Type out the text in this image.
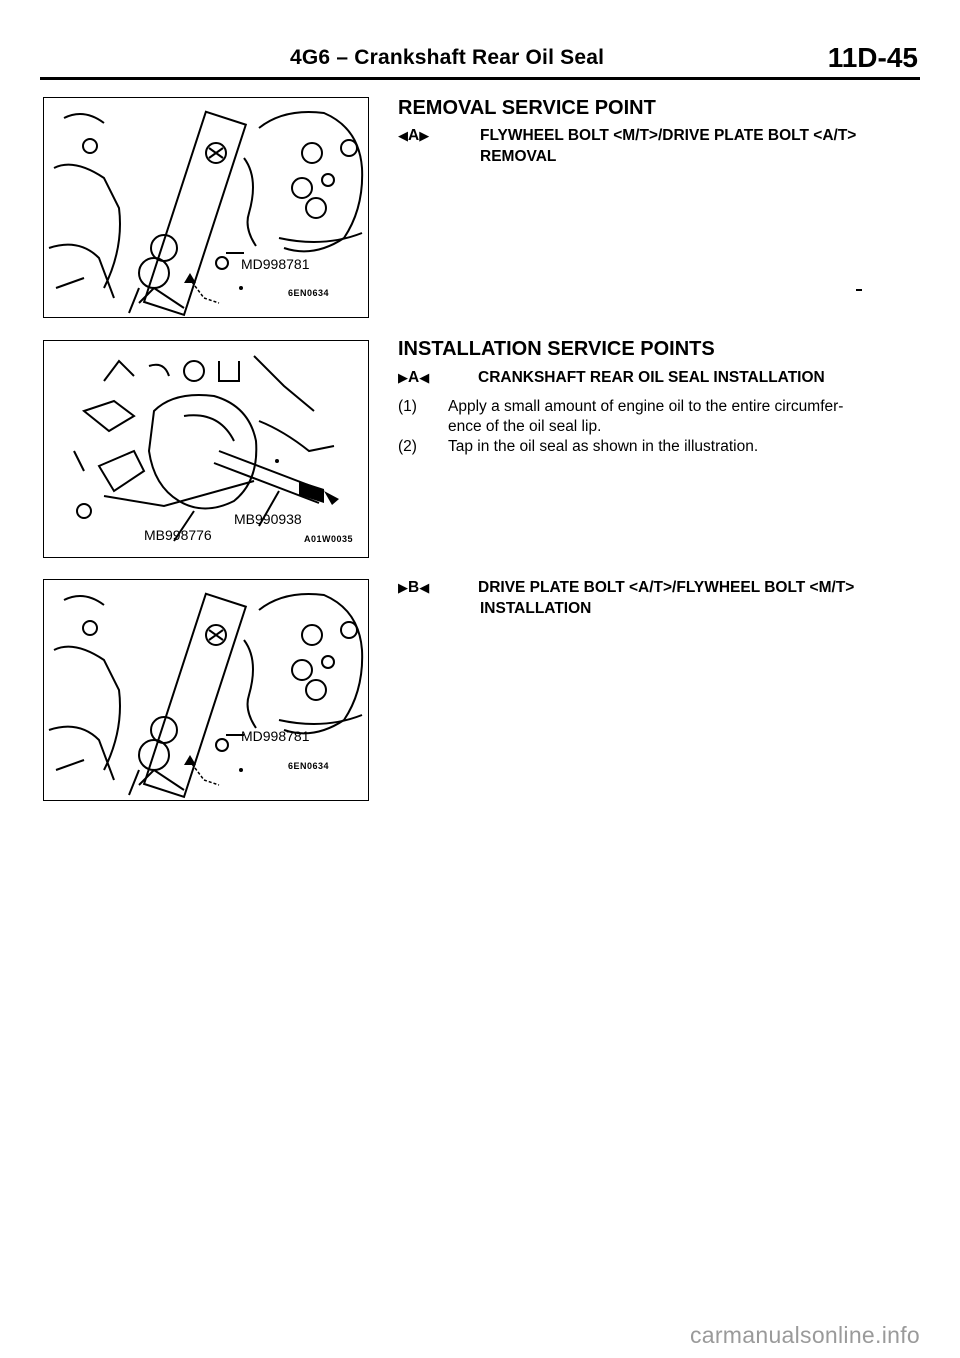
4G6 – Crankshaft Rear Oil Seal	11D-45
MD998781
6EN0634
MB990938
MB998776	A01W0035
MD998781
6EN0634
REMOVAL SERVICE POINT
◀A▶	FLYWHEEL BOLT <M/T>/DRIVE PLATE BOLT <A/T>
REMOVAL
INSTALLATION SERVICE POINTS
▶A◀	CRANKSHAFT REAR OIL SEAL INSTALLATION
(1) Apply a small amount of engine oil to the entire circumfer-
ence of the oil seal lip.
(2) Tap in the oil seal as shown in the illustration.
▶B◀	DRIVE PLATE BOLT <A/T>/FLYWHEEL BOLT <M/T>
INSTALLATION
carmanualsonline.info
